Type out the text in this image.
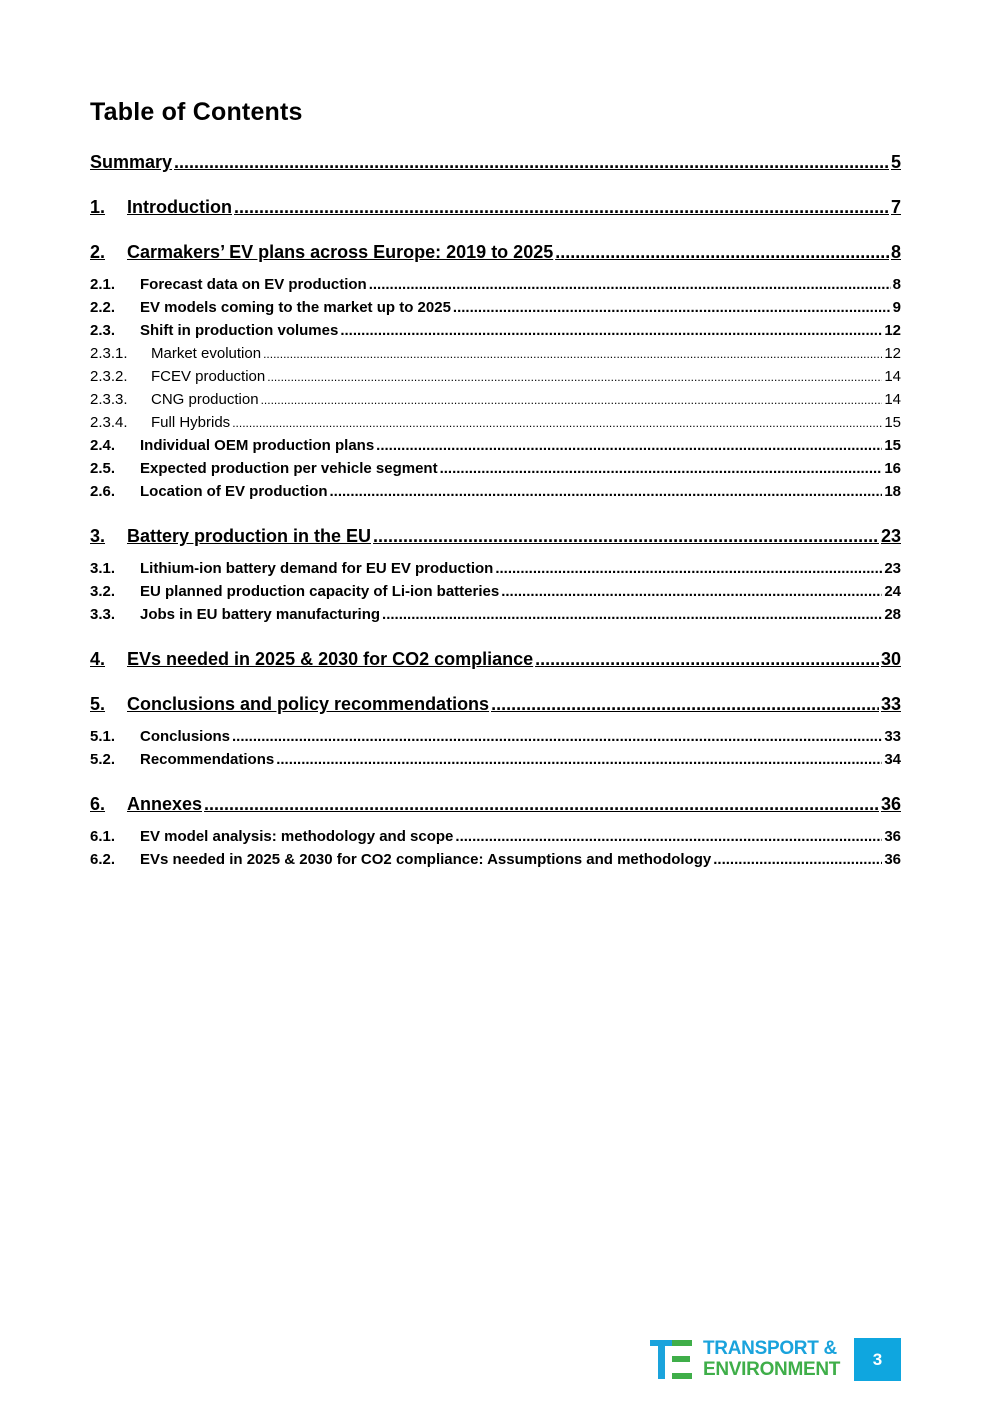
Table of Contents
Summary .....	5
1.	Introduction .....	7
2.	Carmakers’ EV plans across Europe: 2019 to 2025 .....	8
2.1.	Forecast data on EV production .....	8
2.2.	EV models coming to the market up to 2025 .....	9
2.3.	Shift in production volumes .....	12
2.3.1.	Market evolution .....	12
2.3.2.	FCEV production .....	14
2.3.3.	CNG production .....	14
2.3.4.	Full Hybrids .....	15
2.4.	Individual OEM production plans .....	15
2.5.	Expected production per vehicle segment .....	16
2.6.	Location of EV production .....	18
3.	Battery production in the EU .....	23
3.1.	Lithium-ion battery demand for EU EV production .....	23
3.2.	EU planned production capacity of Li-ion batteries .....	24
3.3.	Jobs in EU battery manufacturing .....	28
4.	EVs needed in 2025 & 2030 for CO2 compliance .....	30
5.	Conclusions and policy recommendations .....	33
5.1.	Conclusions .....	33
5.2.	Recommendations .....	34
6.	Annexes .....	36
6.1.	EV model analysis: methodology and scope .....	36
6.2.	EVs needed in 2025 & 2030 for CO2 compliance: Assumptions and methodology .....	36
TRANSPORT &
ENVIRONMENT	3
